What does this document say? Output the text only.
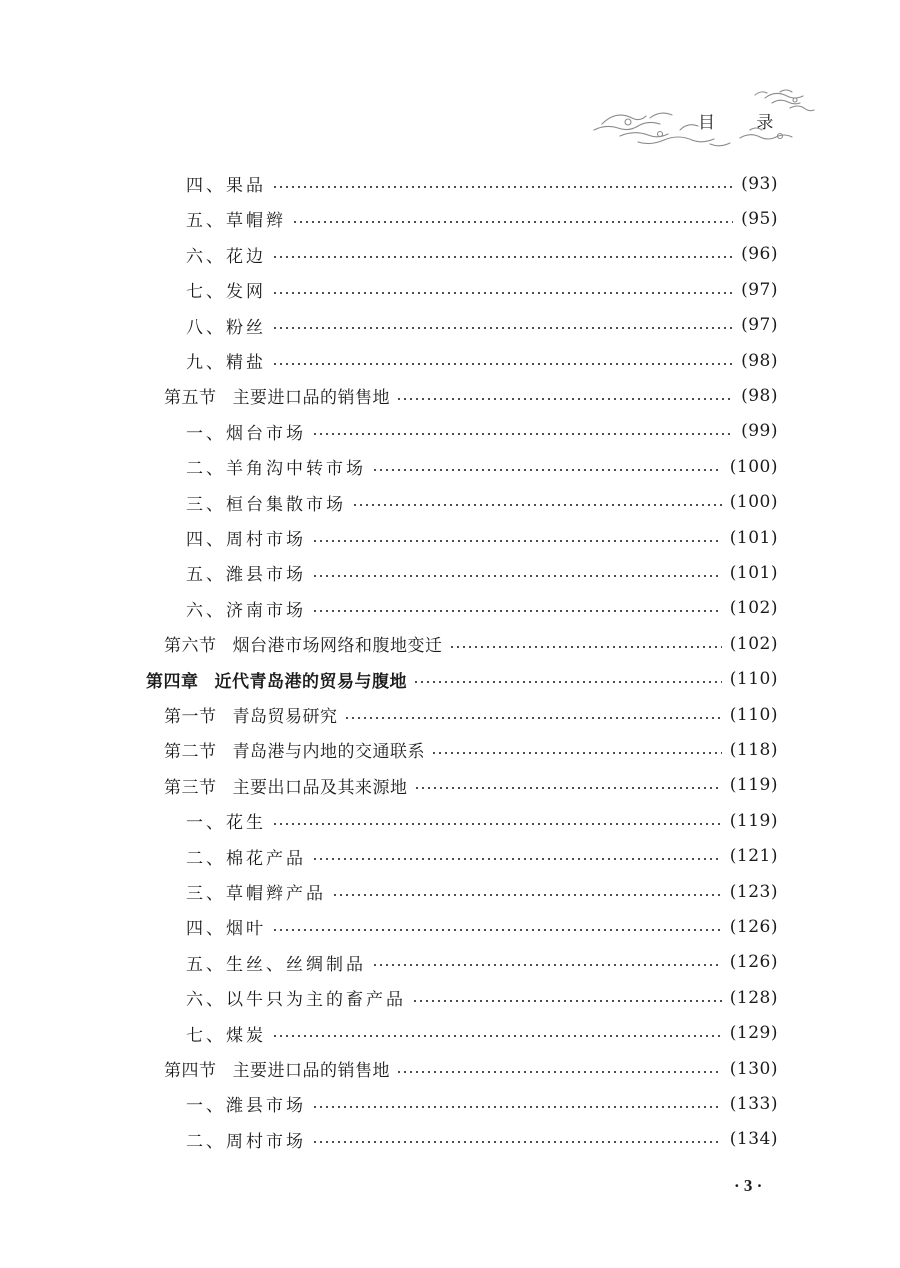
目 录
四、果品	(93)
五、草帽辫	(95)
六、花边	(96)
七、发网	(97)
八、粉丝	(97)
九、精盐	(98)
第五节 主要进口品的销售地	(98)
一、烟台市场	(99)
二、羊角沟中转市场	(100)
三、桓台集散市场	(100)
四、周村市场	(101)
五、潍县市场	(101)
六、济南市场	(102)
第六节 烟台港市场网络和腹地变迁	(102)
第四章 近代青岛港的贸易与腹地	(110)
第一节 青岛贸易研究	(110)
第二节 青岛港与内地的交通联系	(118)
第三节 主要出口品及其来源地	(119)
一、花生	(119)
二、棉花产品	(121)
三、草帽辫产品	(123)
四、烟叶	(126)
五、生丝、丝绸制品	(126)
六、以牛只为主的畜产品	(128)
七、煤炭	(129)
第四节 主要进口品的销售地	(130)
一、潍县市场	(133)
二、周村市场	(134)
· 3 ·
